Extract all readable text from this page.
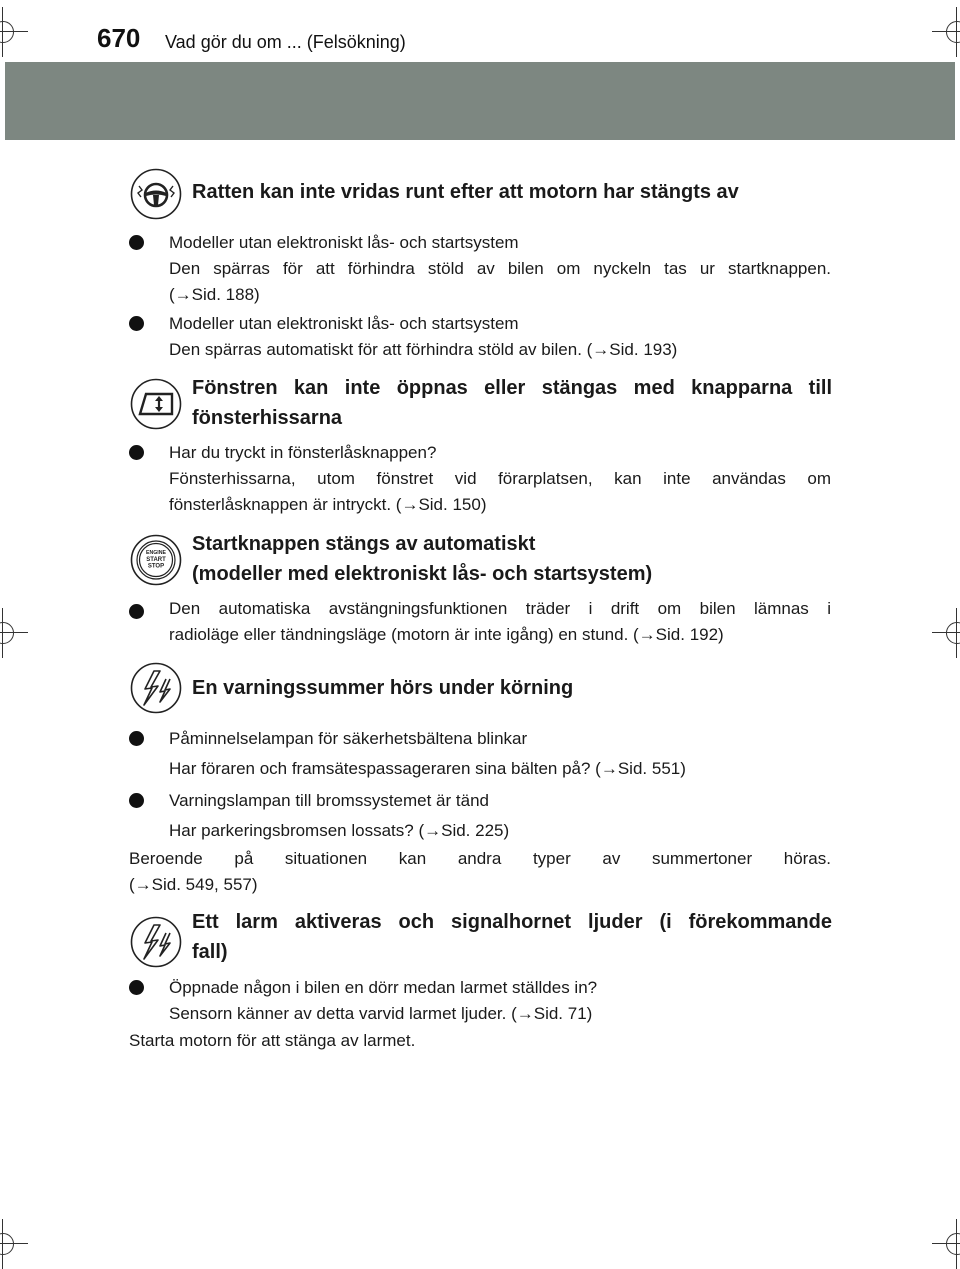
670 Vad gör du om ... (Felsökning)
Ratten kan inte vridas runt efter att motorn har stängts av
Modeller utan elektroniskt lås- och startsystem
Den spärras för att förhindra stöld av bilen om nyckeln tas ur startknappen.
(→Sid. 188)
Modeller utan elektroniskt lås- och startsystem
Den spärras automatiskt för att förhindra stöld av bilen. (→Sid. 193)
Fönstren kan inte öppnas eller stängas med knapparna till
fönsterhissarna
Har du tryckt in fönsterlåsknappen?
Fönsterhissarna, utom fönstret vid förarplatsen, kan inte användas om
fönsterlåsknappen är intryckt. (→Sid. 150)
ENGINE
START
STOP
Startknappen stängs av automatiskt
(modeller med elektroniskt lås- och startsystem)
Den automatiska avstängningsfunktionen träder i drift om bilen lämnas i
radioläge eller tändningsläge (motorn är inte igång) en stund. (→Sid. 192)
En varningssummer hörs under körning
Påminnelselampan för säkerhetsbältena blinkar
Har föraren och framsätespassageraren sina bälten på? (→Sid. 551)
Varningslampan till bromssystemet är tänd
Har parkeringsbromsen lossats? (→Sid. 225)
Beroende på situationen kan andra typer av summertoner höras.
(→Sid. 549, 557)
Ett larm aktiveras och signalhornet ljuder (i förekommande
fall)
Öppnade någon i bilen en dörr medan larmet ställdes in?
Sensorn känner av detta varvid larmet ljuder. (→Sid. 71)
Starta motorn för att stänga av larmet.
